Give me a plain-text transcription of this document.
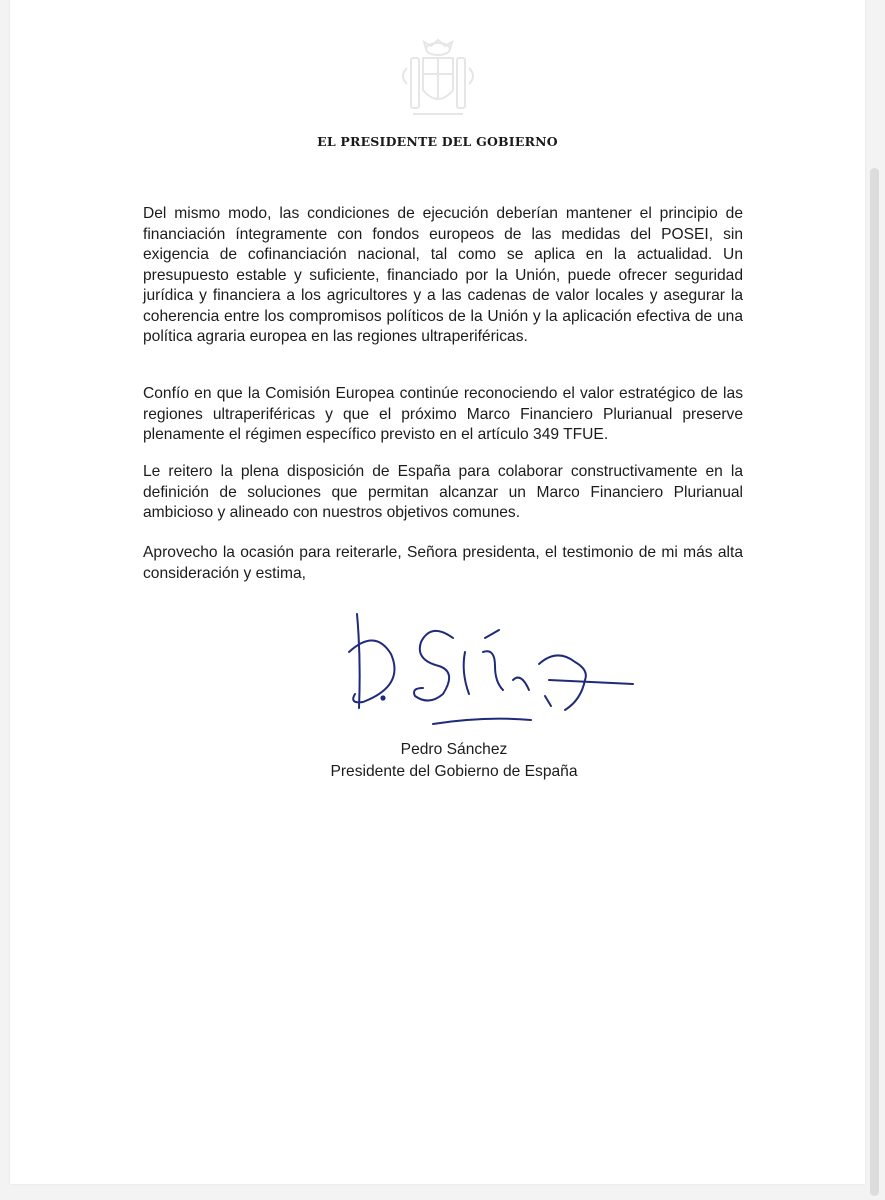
EL PRESIDENTE DEL GOBIERNO

Del mismo modo, las condiciones de ejecución deberían mantener el principio de financiación íntegramente con fondos europeos de las medidas del POSEI, sin exigencia de cofinanciación nacional, tal como se aplica en la actualidad. Un presupuesto estable y suficiente, financiado por la Unión, puede ofrecer seguridad jurídica y financiera a los agricultores y a las cadenas de valor locales y asegurar la coherencia entre los compromisos políticos de la Unión y la aplicación efectiva de una política agraria europea en las regiones ultraperiféricas.

Confío en que la Comisión Europea continúe reconociendo el valor estratégico de las regiones ultraperiféricas y que el próximo Marco Financiero Plurianual preserve plenamente el régimen específico previsto en el artículo 349 TFUE.

Le reitero la plena disposición de España para colaborar constructivamente en la definición de soluciones que permitan alcanzar un Marco Financiero Plurianual ambicioso y alineado con nuestros objetivos comunes.

Aprovecho la ocasión para reiterarle, Señora presidenta, el testimonio de mi más alta consideración y estima,

Pedro Sánchez
Presidente del Gobierno de España
